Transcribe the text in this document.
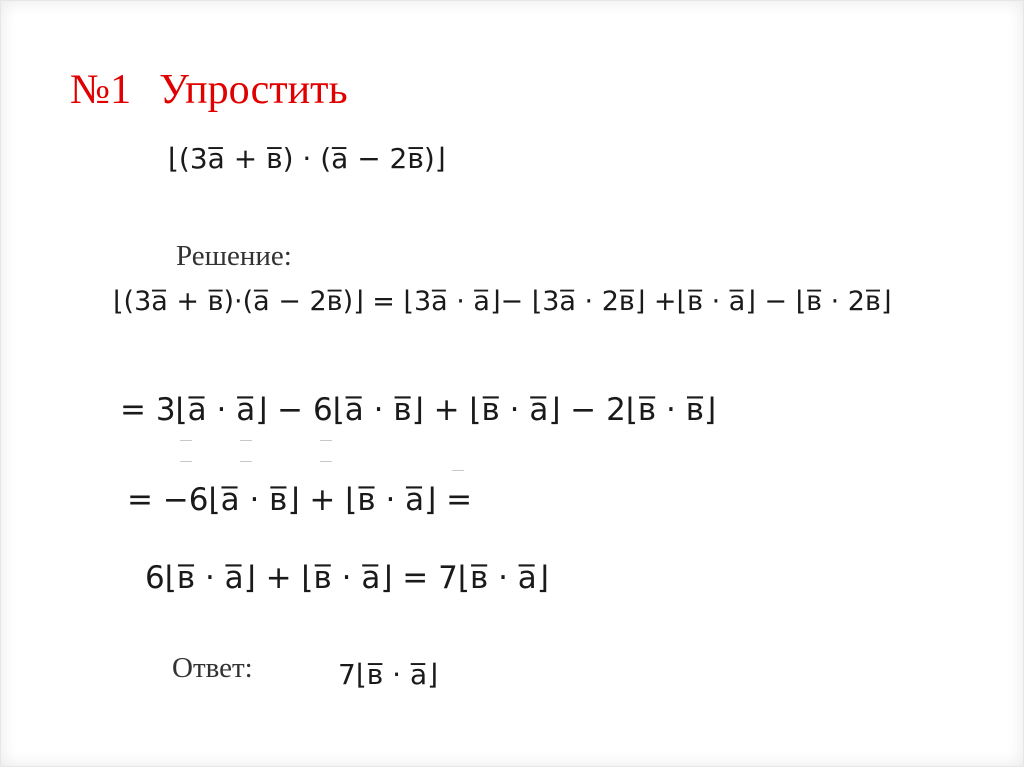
№1 Упростить
⌊(3a̅ + в̅) · (a̅ − 2в̅)⌋
Решение:
⌊(3a̅ + в̅)·(a̅ − 2в̅)⌋ = ⌊3a̅ · a̅⌋− ⌊3a̅ · 2в̅⌋ +⌊в̅ · a̅⌋ − ⌊в̅ · 2в̅⌋
= 3⌊a̅ · a̅⌋ − 6⌊a̅ · в̅⌋ + ⌊в̅ · a̅⌋ − 2⌊в̅ · в̅⌋
= −6⌊a̅ · в̅⌋ + ⌊в̅ · a̅⌋ =
6⌊в̅ · a̅⌋ + ⌊в̅ · a̅⌋ = 7⌊в̅ · a̅⌋
Ответ:	7⌊в̅ · a̅⌋
